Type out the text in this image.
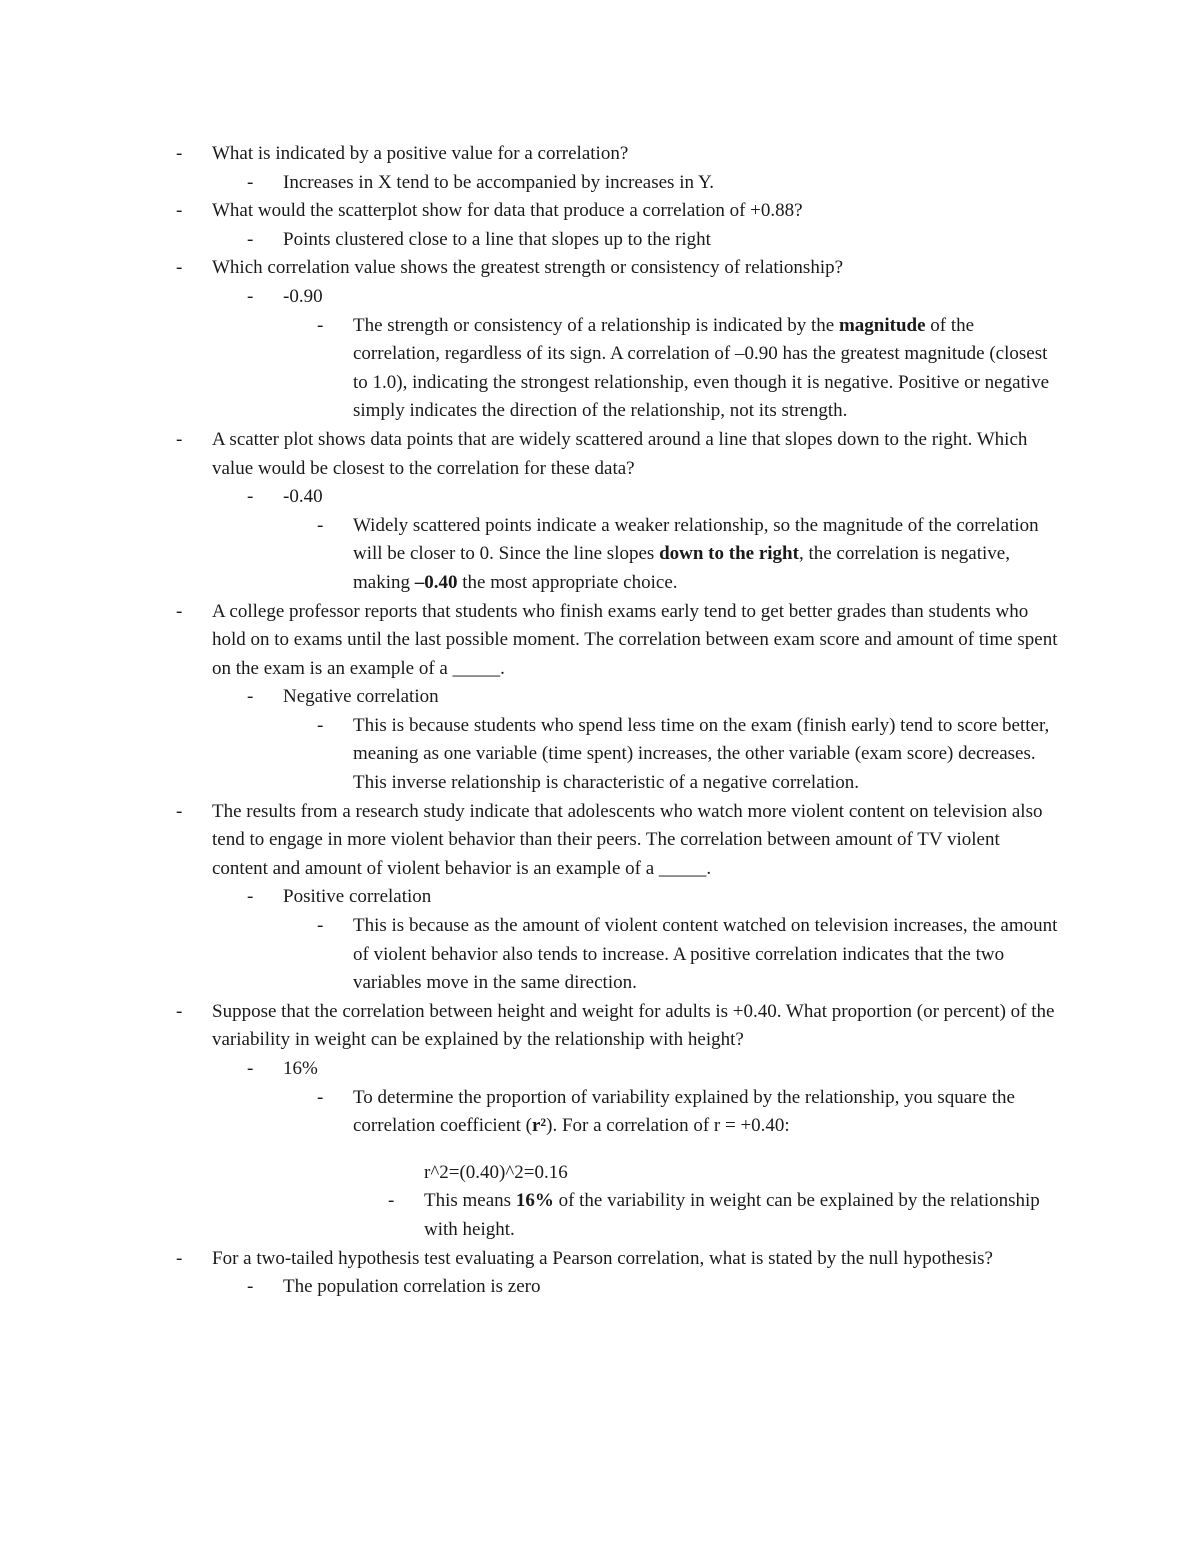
- What is indicated by a positive value for a correlation?
- Increases in X tend to be accompanied by increases in Y.
- What would the scatterplot show for data that produce a correlation of +0.88?
- Points clustered close to a line that slopes up to the right
- Which correlation value shows the greatest strength or consistency of relationship?
- -0.90
- The strength or consistency of a relationship is indicated by the magnitude of the correlation, regardless of its sign. A correlation of –0.90 has the greatest magnitude (closest to 1.0), indicating the strongest relationship, even though it is negative. Positive or negative simply indicates the direction of the relationship, not its strength.
- A scatter plot shows data points that are widely scattered around a line that slopes down to the right. Which value would be closest to the correlation for these data?
- -0.40
- Widely scattered points indicate a weaker relationship, so the magnitude of the correlation will be closer to 0. Since the line slopes down to the right, the correlation is negative, making –0.40 the most appropriate choice.
- A college professor reports that students who finish exams early tend to get better grades than students who hold on to exams until the last possible moment. The correlation between exam score and amount of time spent on the exam is an example of a _____.
- Negative correlation
- This is because students who spend less time on the exam (finish early) tend to score better, meaning as one variable (time spent) increases, the other variable (exam score) decreases. This inverse relationship is characteristic of a negative correlation.
- The results from a research study indicate that adolescents who watch more violent content on television also tend to engage in more violent behavior than their peers. The correlation between amount of TV violent content and amount of violent behavior is an example of a _____.
- Positive correlation
- This is because as the amount of violent content watched on television increases, the amount of violent behavior also tends to increase. A positive correlation indicates that the two variables move in the same direction.
- Suppose that the correlation between height and weight for adults is +0.40. What proportion (or percent) of the variability in weight can be explained by the relationship with height?
- 16%
- To determine the proportion of variability explained by the relationship, you square the correlation coefficient (r²). For a correlation of r = +0.40:
r^2=(0.40)^2=0.16
- This means 16% of the variability in weight can be explained by the relationship with height.
- For a two-tailed hypothesis test evaluating a Pearson correlation, what is stated by the null hypothesis?
- The population correlation is zero
